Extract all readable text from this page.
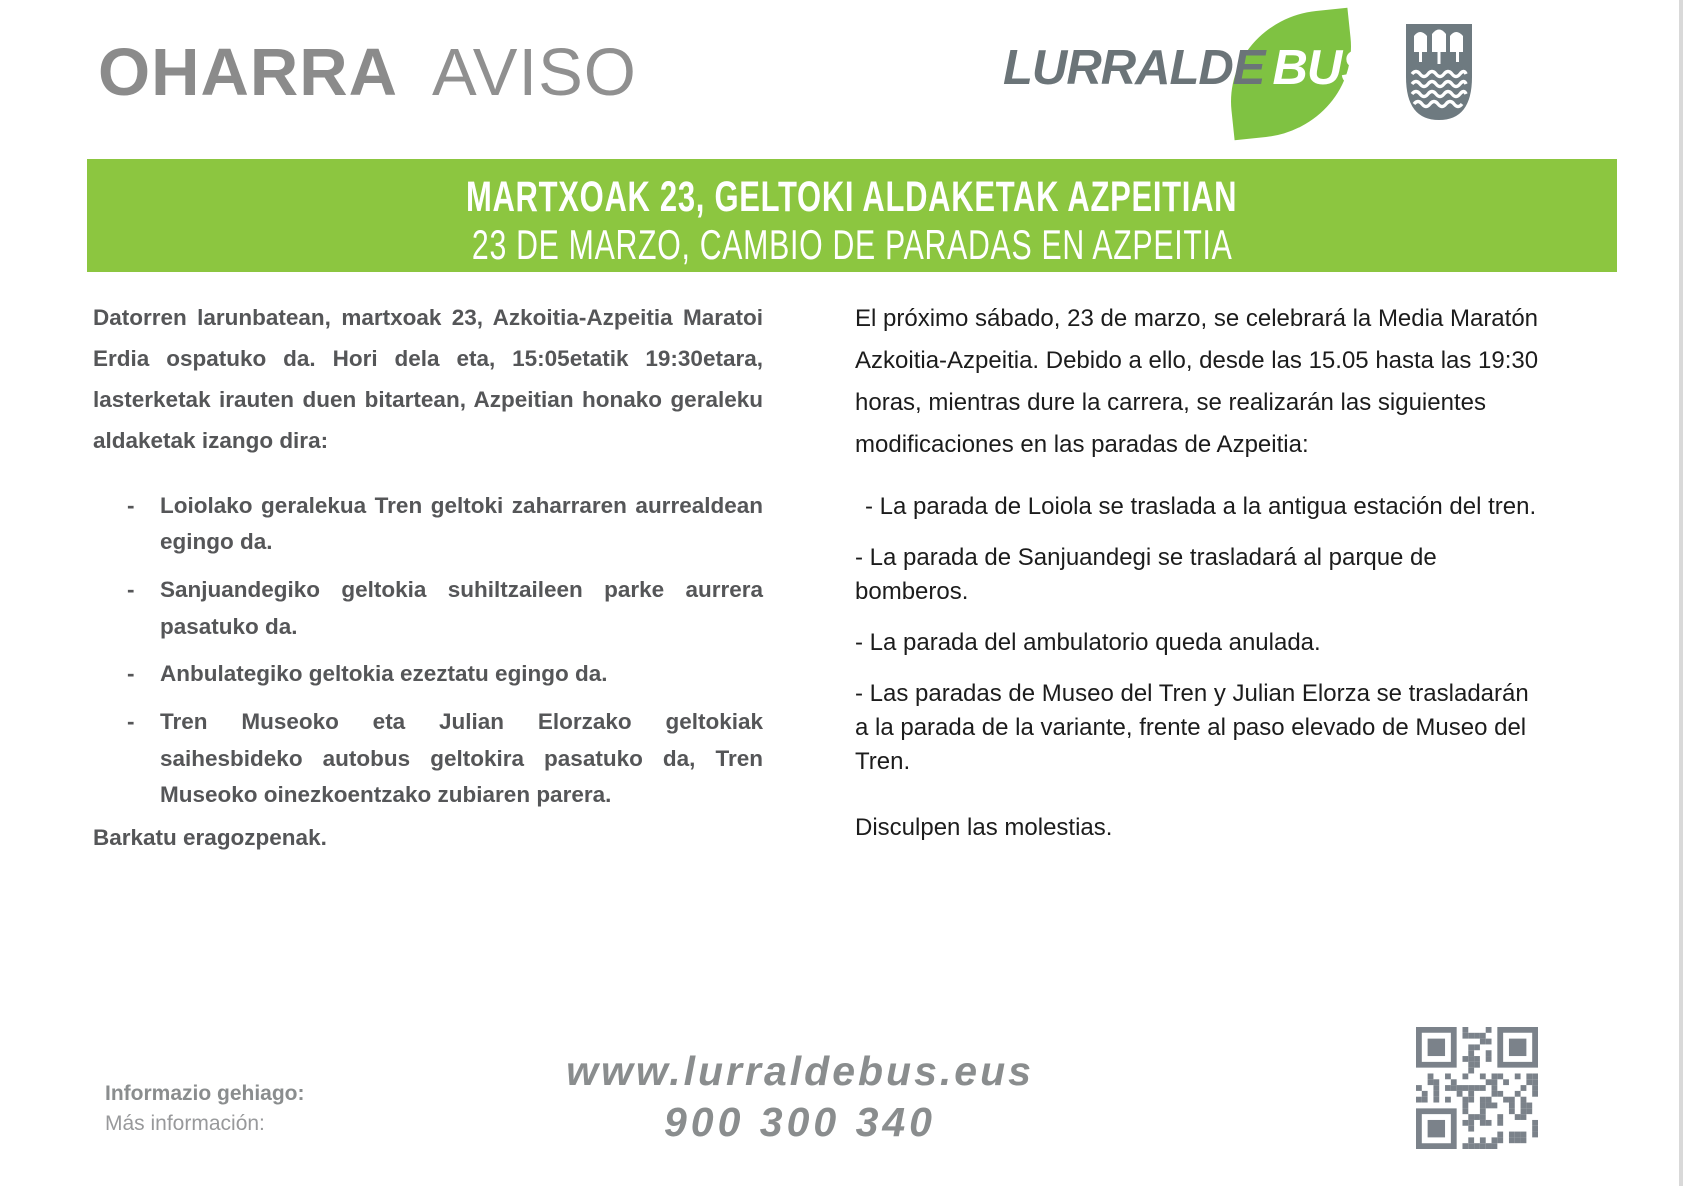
OHARRA AVISO	LURRALDE BUS
MARTXOAK 23, GELTOKI ALDAKETAK AZPEITIAN
23 DE MARZO, CAMBIO DE PARADAS EN AZPEITIA

Datorren larunbatean, martxoak 23, Azkoitia-Azpeitia Maratoi Erdia ospatuko da. Hori dela eta, 15:05etatik 19:30etara, lasterketak irauten duen bitartean, Azpeitian honako geraleku aldaketak izango dira:

-	Loiolako geralekua Tren geltoki zaharraren aurrealdean egingo da.
-	Sanjuandegiko geltokia suhiltzaileen parke aurrera pasatuko da.
-	Anbulategiko geltokia ezeztatu egingo da.
-	Tren Museoko eta Julian Elorzako geltokiak saihesbideko autobus geltokira pasatuko da, Tren Museoko oinezkoentzako zubiaren parera.

Barkatu eragozpenak.

El próximo sábado, 23 de marzo, se celebrará la Media Maratón Azkoitia-Azpeitia. Debido a ello, desde las 15.05 hasta las 19:30 horas, mientras dure la carrera, se realizarán las siguientes modificaciones en las paradas de Azpeitia:

- La parada de Loiola se traslada a la antigua estación del tren.

- La parada de Sanjuandegi se trasladará al parque de bomberos.

- La parada del ambulatorio queda anulada.

- Las paradas de Museo del Tren y Julian Elorza se trasladarán a la parada de la variante, frente al paso elevado de Museo del Tren.

Disculpen las molestias.

www.lurraldebus.eus
900 300 340
Informazio gehiago:
Más información:
